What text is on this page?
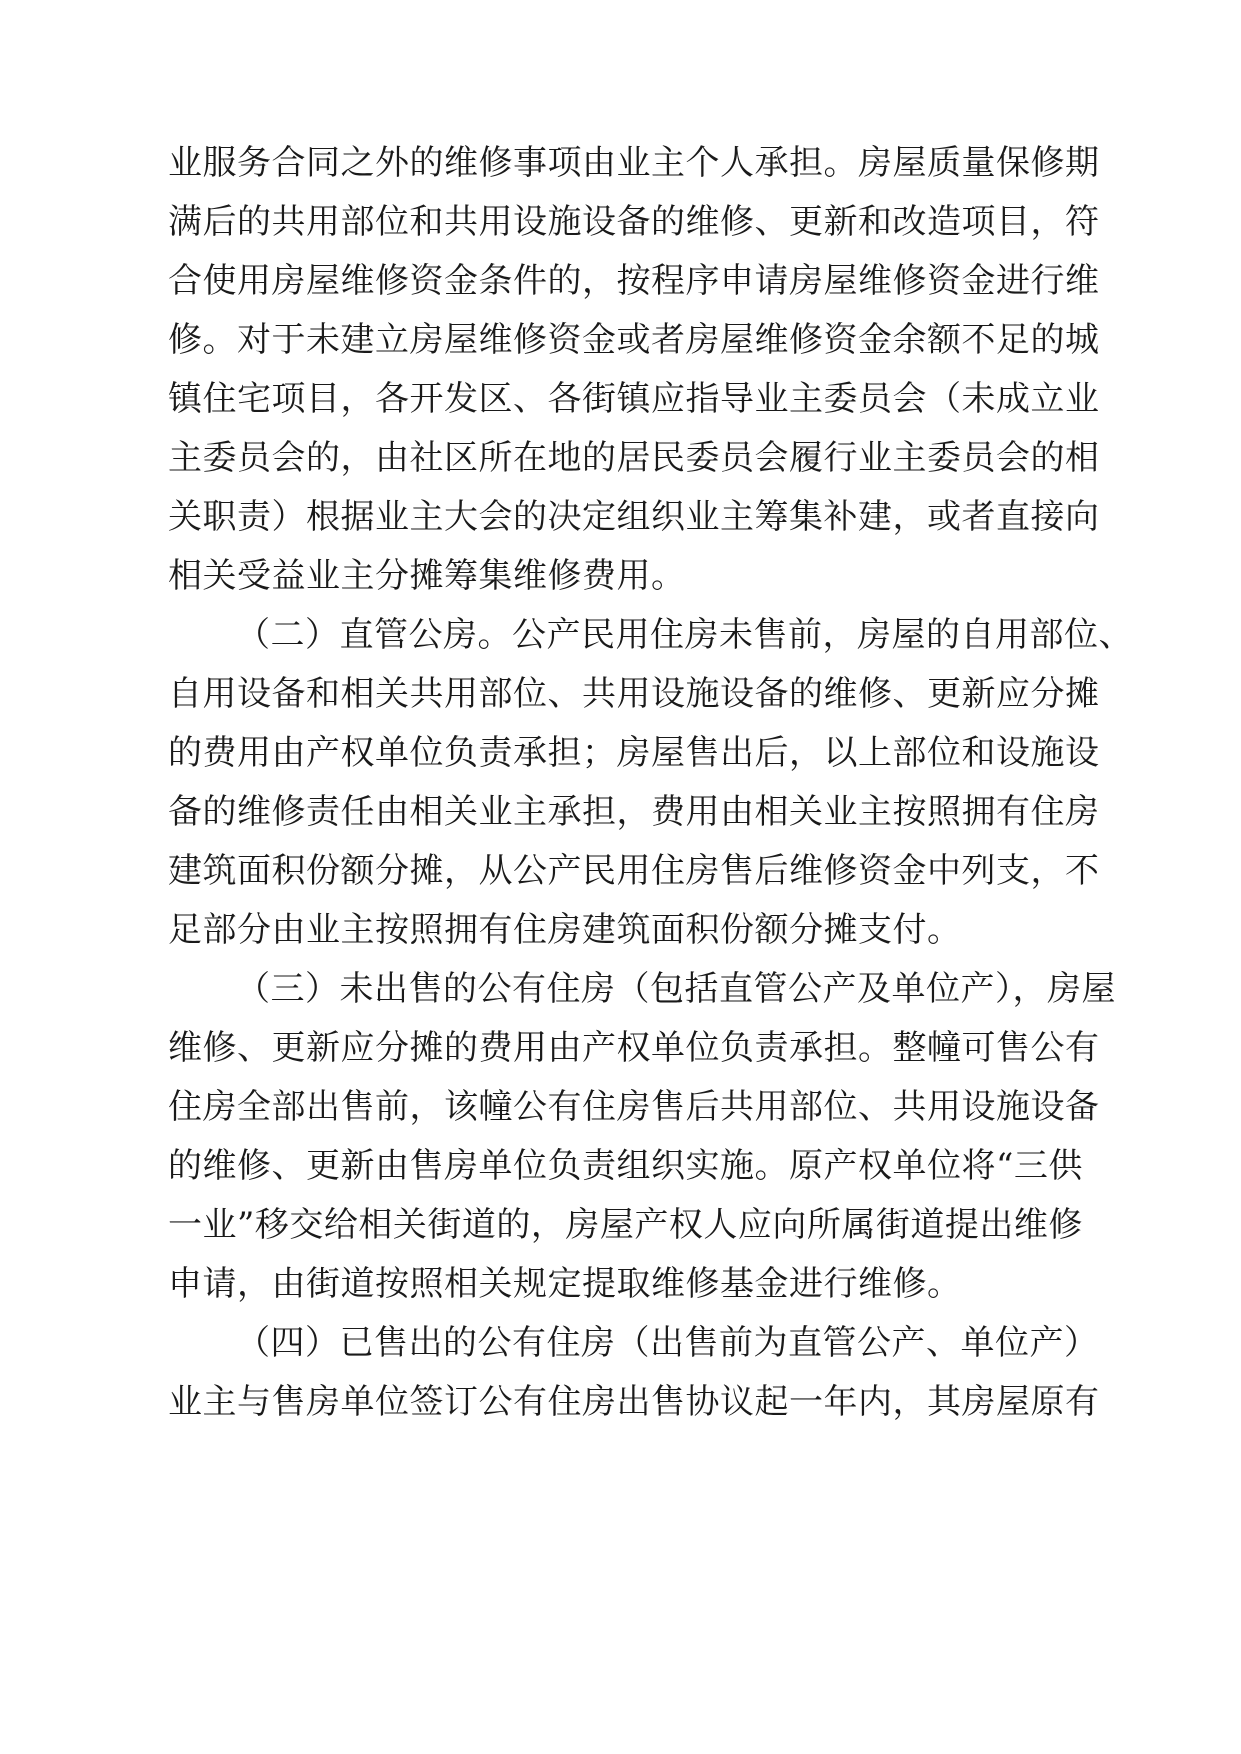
业服务合同之外的维修事项由业主个人承担。房屋质量保修期
满后的共用部位和共用设施设备的维修、更新和改造项目，符
合使用房屋维修资金条件的，按程序申请房屋维修资金进行维
修。对于未建立房屋维修资金或者房屋维修资金余额不足的城
镇住宅项目，各开发区、各街镇应指导业主委员会（未成立业
主委员会的，由社区所在地的居民委员会履行业主委员会的相
关职责）根据业主大会的决定组织业主筹集补建，或者直接向
相关受益业主分摊筹集维修费用。
（二）直管公房。公产民用住房未售前，房屋的自用部位、
自用设备和相关共用部位、共用设施设备的维修、更新应分摊
的费用由产权单位负责承担；房屋售出后，以上部位和设施设
备的维修责任由相关业主承担，费用由相关业主按照拥有住房
建筑面积份额分摊，从公产民用住房售后维修资金中列支，不
足部分由业主按照拥有住房建筑面积份额分摊支付。
（三）未出售的公有住房（包括直管公产及单位产），房屋
维修、更新应分摊的费用由产权单位负责承担。整幢可售公有
住房全部出售前，该幢公有住房售后共用部位、共用设施设备
的维修、更新由售房单位负责组织实施。原产权单位将“三供
一业”移交给相关街道的，房屋产权人应向所属街道提出维修
申请，由街道按照相关规定提取维修基金进行维修。
（四）已售出的公有住房（出售前为直管公产、单位产）
业主与售房单位签订公有住房出售协议起一年内，其房屋原有
